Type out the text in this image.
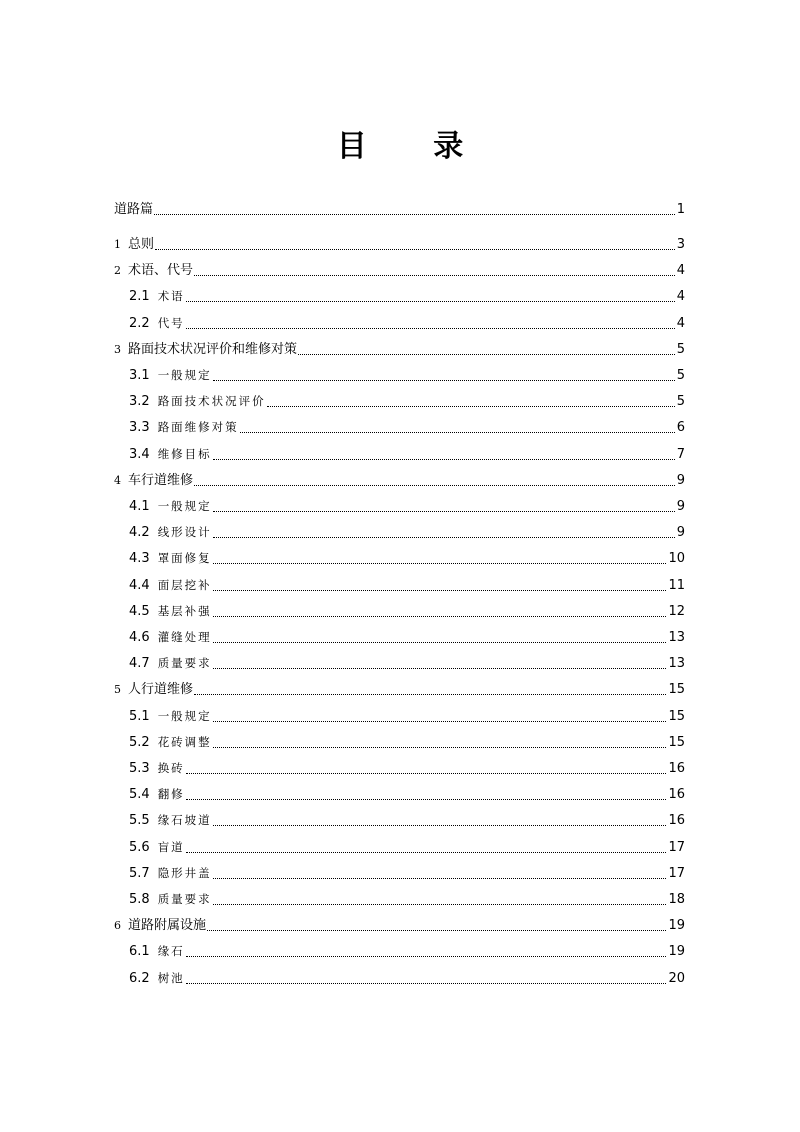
目 录
道路篇	1
1 总则	3
2 术语、代号	4
2.1 术语	4
2.2 代号	4
3 路面技术状况评价和维修对策	5
3.1 一般规定	5
3.2 路面技术状况评价	5
3.3 路面维修对策	6
3.4 维修目标	7
4 车行道维修	9
4.1 一般规定	9
4.2 线形设计	9
4.3 罩面修复	10
4.4 面层挖补	11
4.5 基层补强	12
4.6 灌缝处理	13
4.7 质量要求	13
5 人行道维修	15
5.1 一般规定	15
5.2 花砖调整	15
5.3 换砖	16
5.4 翻修	16
5.5 缘石坡道	16
5.6 盲道	17
5.7 隐形井盖	17
5.8 质量要求	18
6 道路附属设施	19
6.1 缘石	19
6.2 树池	20
